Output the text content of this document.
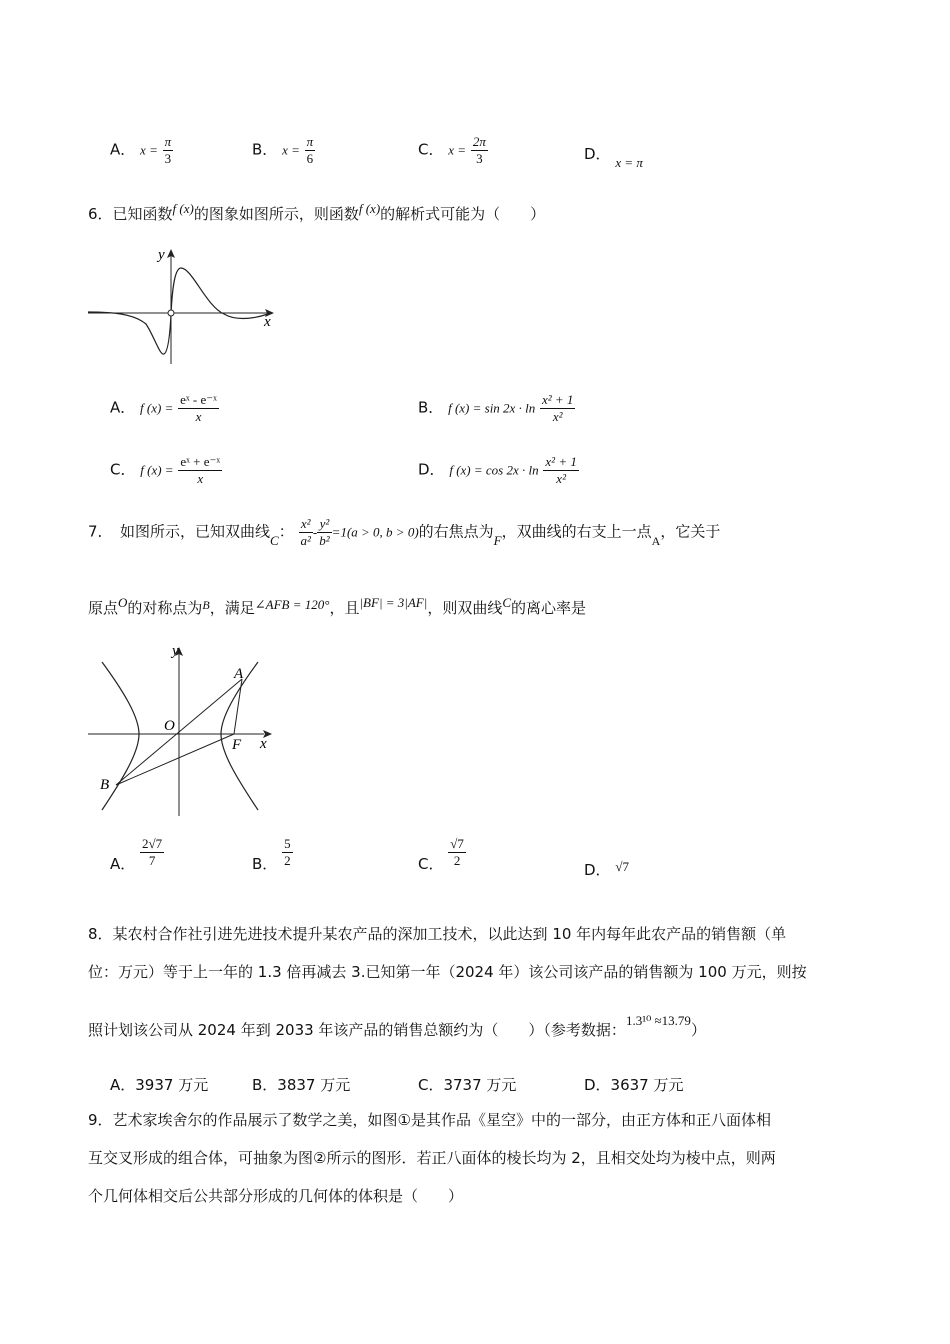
A． $x = \frac{\pi}{3}$	B． $x = \frac{\pi}{6}$	C． $x = \frac{2\pi}{3}$	D． x = π
6．已知函数f (x)的图象如图所示，则函数f (x)的解析式可能为（　　）
y
x
A． f $(x) = \frac{\text{eˣ - e⁻ˣ}}{x}$	B． f $(x) = \sin 2x \cdot \ln \frac{\text{x² + 1}}{\text{x²}}$
C． f $(x) = \frac{\text{eˣ + e⁻ˣ}}{x}$	D． f $(x) = \cos 2x \cdot \ln \frac{\text{x² + 1}}{\text{x²}}$
7．　如图所示，已知双曲线C： $\frac{\text{x²}}{\text{a²}} - \frac{\text{y²}}{\text{b²}} =1(a > 0$, b > 0)的右焦点为F，双曲线的右支上一点$_A$，它关于
原点O的对称点为$^B$，满足∠AFB = 120°，且|BF| = 3|AF|，则双曲线C的离心率是
y
x
A
O
F
B
A． $\frac{2√7}{7}$	B． $\frac{5}{2}$	C． $\frac{√7}{2}$
D． √7
8．某农村合作社引进先进技术提升某农产品的深加工技术，以此达到 10 年内每年此农产品的销售额（单
位：万元）等于上一年的 1.3 倍再减去 3.已知第一年（2024 年）该公司该产品的销售额为 100 万元，则按
照计划该公司从 2024 年到 2033 年该产品的销售总额约为（　　）（参考数据：1.3¹⁰ ≈13.79）
A．3937 万元	B．3837 万元	C．3737 万元	D．3637 万元
9．艺术家埃舍尔的作品展示了数学之美，如图①是其作品《星空》中的一部分，由正方体和正八面体相
互交叉形成的组合体，可抽象为图②所示的图形．若正八面体的棱长均为 2，且相交处均为棱中点，则两
个几何体相交后公共部分形成的几何体的体积是（　　）
